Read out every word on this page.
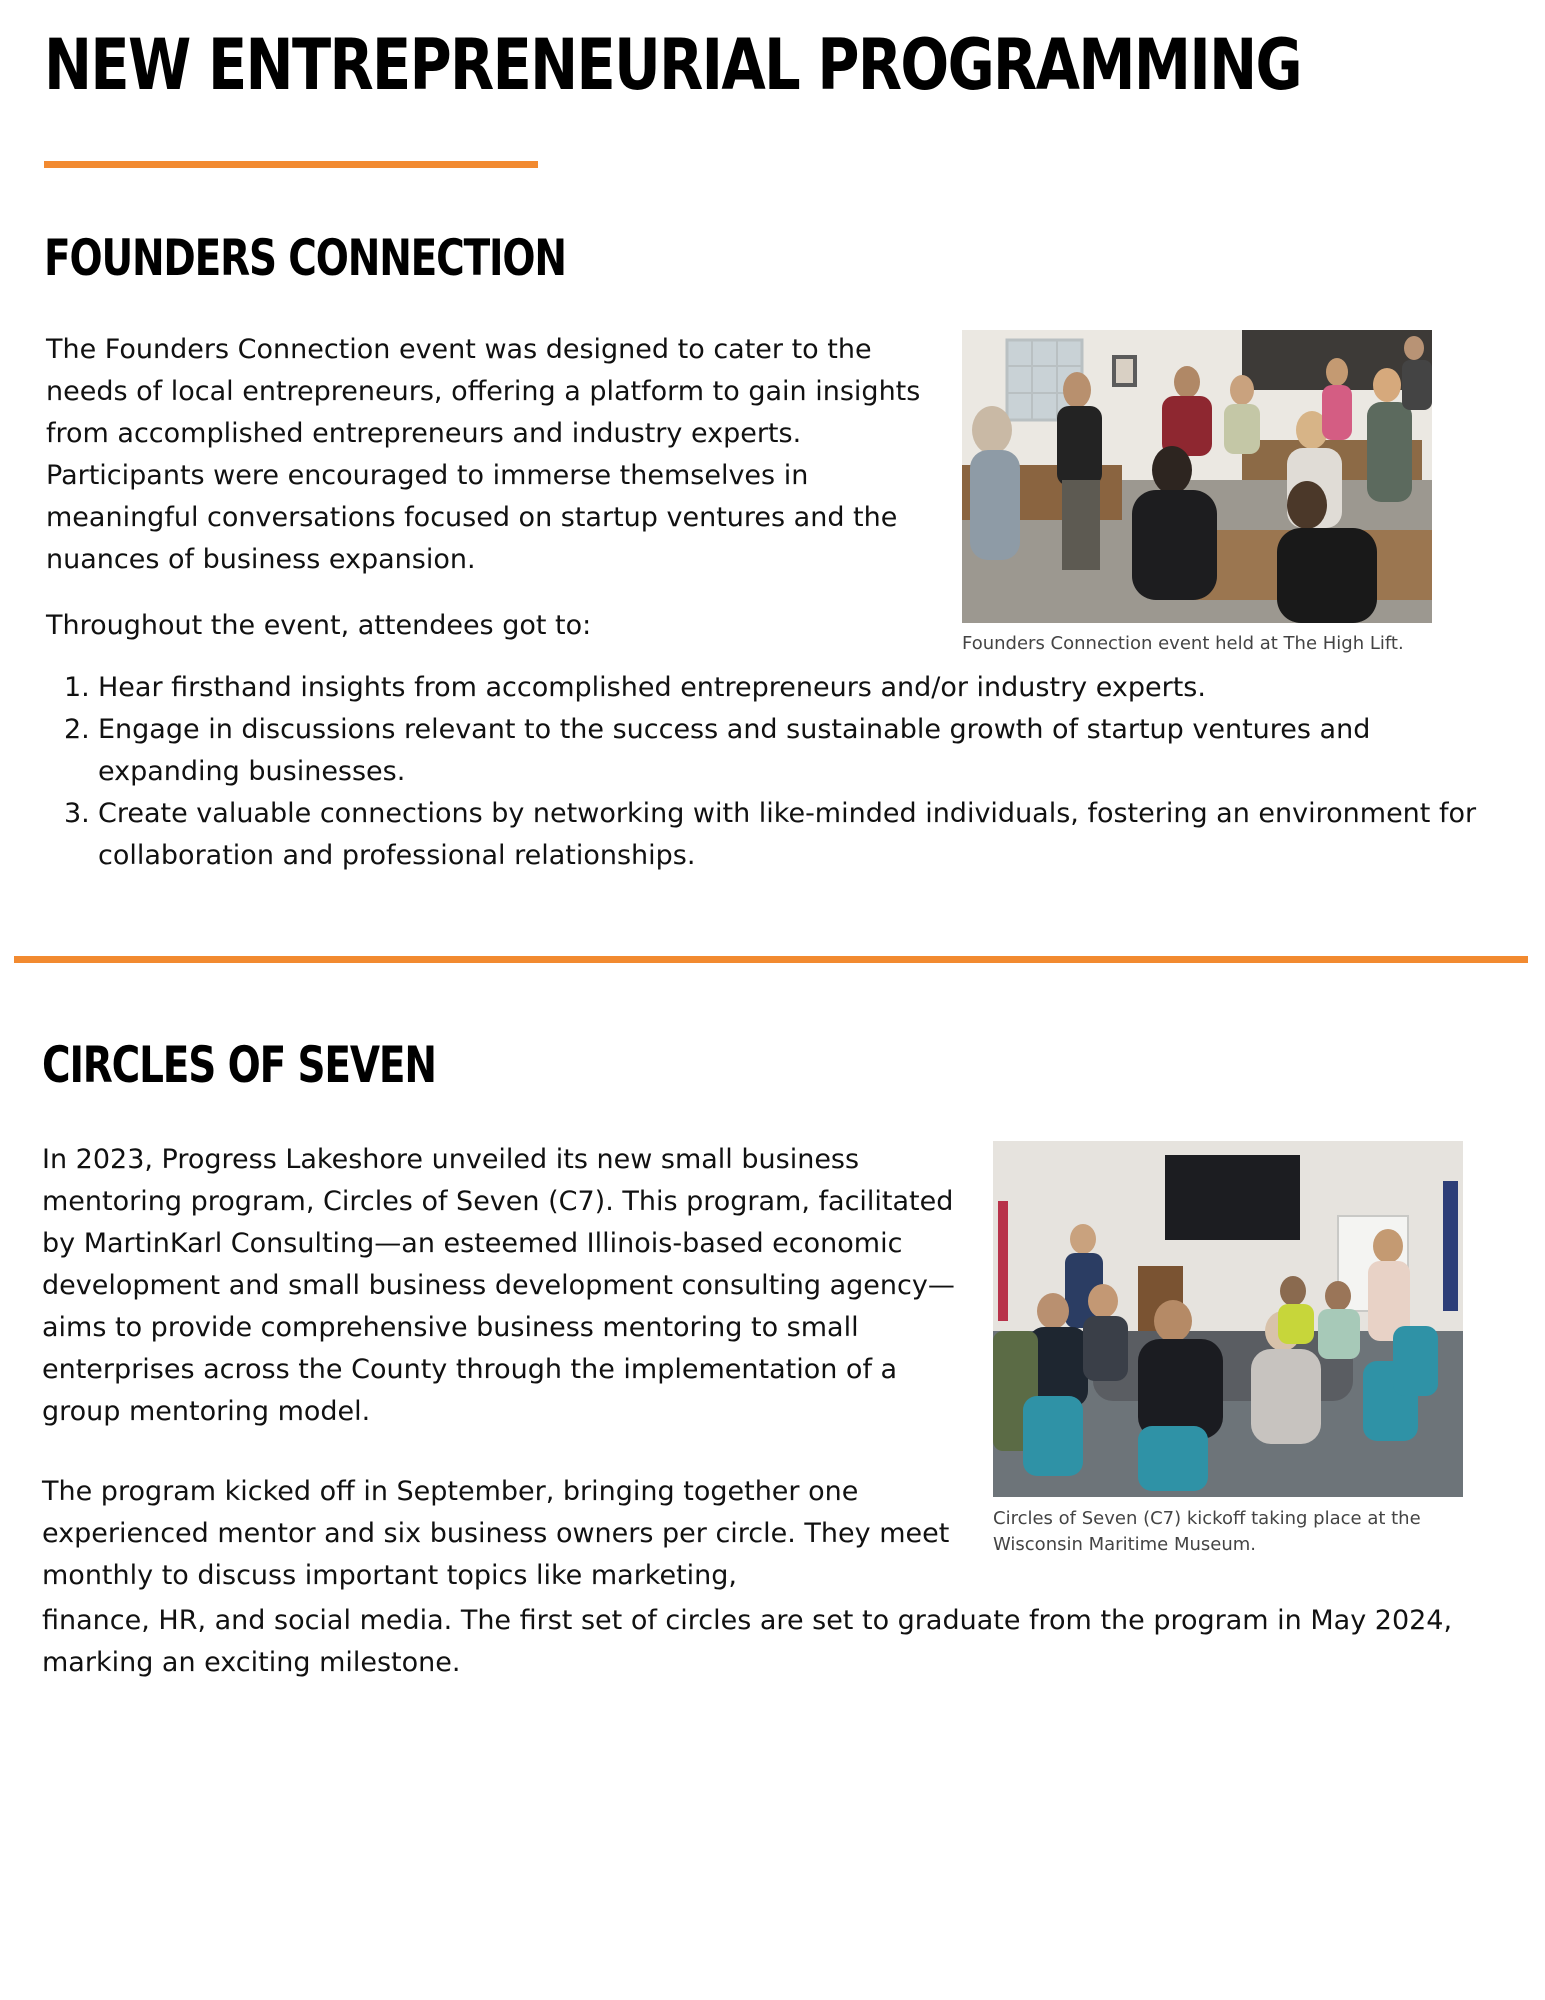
NEW ENTREPRENEURIAL PROGRAMMING
FOUNDERS CONNECTION

The Founders Connection event was designed to cater to the needs of local entrepreneurs, offering a platform to gain insights from accomplished entrepreneurs and industry experts. Participants were encouraged to immerse themselves in meaningful conversations focused on startup ventures and the nuances of business expansion.

Throughout the event, attendees got to:

Founders Connection event held at The High Lift.

1. Hear firsthand insights from accomplished entrepreneurs and/or industry experts.
2. Engage in discussions relevant to the success and sustainable growth of startup ventures and expanding businesses.
3. Create valuable connections by networking with like-minded individuals, fostering an environment for collaboration and professional relationships.
CIRCLES OF SEVEN

In 2023, Progress Lakeshore unveiled its new small business mentoring program, Circles of Seven (C7). This program, facilitated by MartinKarl Consulting—an esteemed Illinois-based economic development and small business development consulting agency—aims to provide comprehensive business mentoring to small enterprises across the County through the implementation of a group mentoring model.

The program kicked off in September, bringing together one experienced mentor and six business owners per circle. They meet monthly to discuss important topics like marketing,

finance, HR, and social media. The first set of circles are set to graduate from the program in May 2024, marking an exciting milestone.

Circles of Seven (C7) kickoff taking place at the Wisconsin Maritime Museum.
